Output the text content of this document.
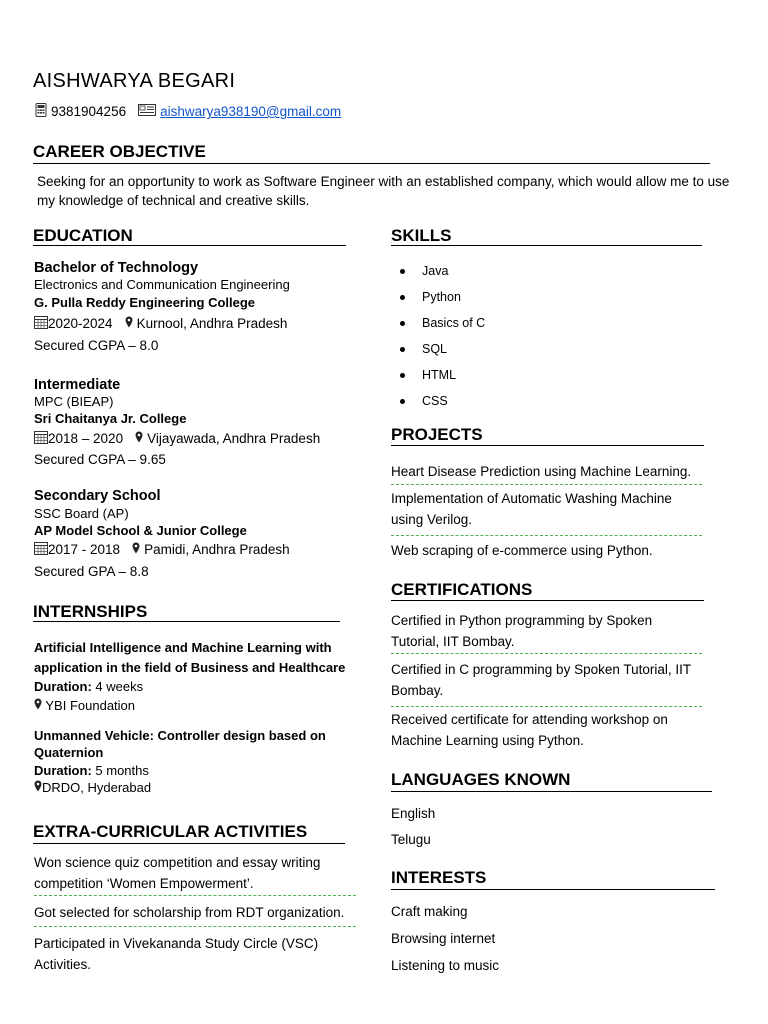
AISHWARYA BEGARI
9381904256	aishwarya938190@gmail.com
CAREER OBJECTIVE
Seeking for an opportunity to work as Software Engineer with an established company, which would allow me to use my knowledge of technical and creative skills.
EDUCATION
Bachelor of Technology
Electronics and Communication Engineering
G. Pulla Reddy Engineering College
2020-2024 Kurnool, Andhra Pradesh
Secured CGPA – 8.0
Intermediate
MPC (BIEAP)
Sri Chaitanya Jr. College
2018 – 2020 Vijayawada, Andhra Pradesh
Secured CGPA – 9.65
Secondary School
SSC Board (AP)
AP Model School & Junior College
2017 - 2018 Pamidi, Andhra Pradesh
Secured GPA – 8.8
INTERNSHIPS
Artificial Intelligence and Machine Learning with application in the field of Business and Healthcare
Duration: 4 weeks
YBI Foundation
Unmanned Vehicle: Controller design based on Quaternion
Duration: 5 months
DRDO, Hyderabad
EXTRA-CURRICULAR ACTIVITIES
Won science quiz competition and essay writing competition ‘Women Empowerment’.
Got selected for scholarship from RDT organization.
Participated in Vivekananda Study Circle (VSC) Activities.
SKILLS
Java
Python
Basics of C
SQL
HTML
CSS
PROJECTS
Heart Disease Prediction using Machine Learning.
Implementation of Automatic Washing Machine using Verilog.
Web scraping of e-commerce using Python.
CERTIFICATIONS
Certified in Python programming by Spoken Tutorial, IIT Bombay.
Certified in C programming by Spoken Tutorial, IIT Bombay.
Received certificate for attending workshop on Machine Learning using Python.
LANGUAGES KNOWN
English
Telugu
INTERESTS
Craft making
Browsing internet
Listening to music
